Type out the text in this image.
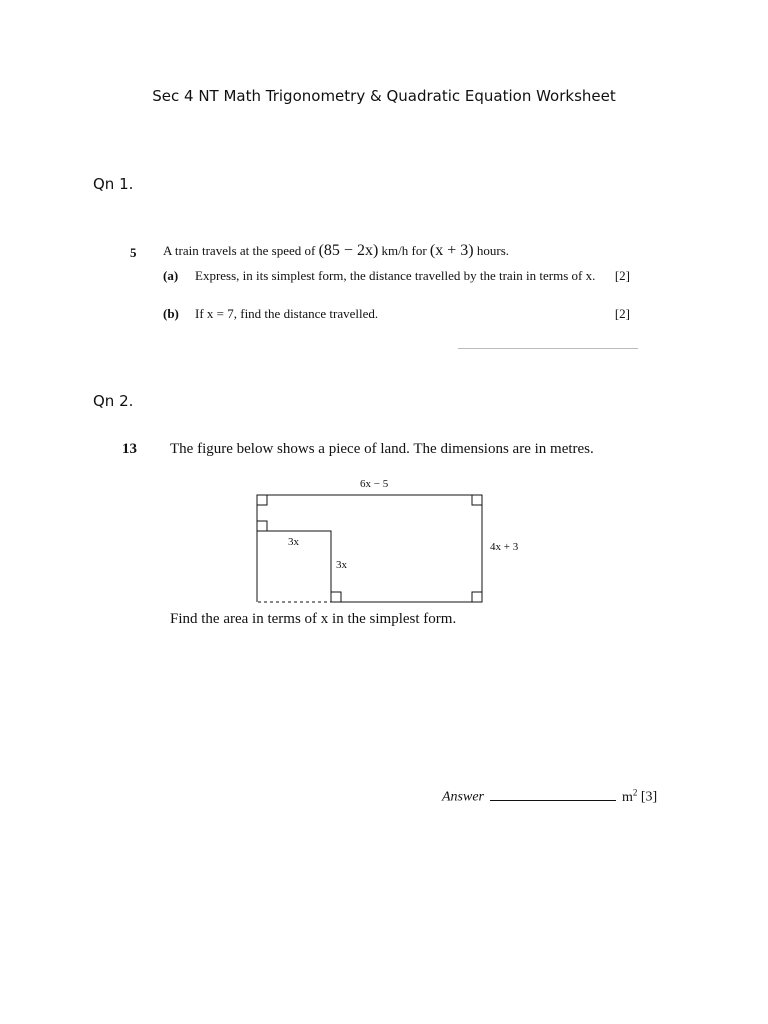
Sec 4 NT Math Trigonometry & Quadratic Equation Worksheet
Qn 1.
5 A train travels at the speed of (85 − 2x) km/h for (x + 3) hours.
(a) Express, in its simplest form, the distance travelled by the train in terms of x. [2]
(b) If x = 7, find the distance travelled.	[2]
Qn 2.
13 The figure below shows a piece of land. The dimensions are in metres.
6x − 5
4x + 3
3x
3x
Find the area in terms of x in the simplest form.
Answer	$m^2$ [3]
